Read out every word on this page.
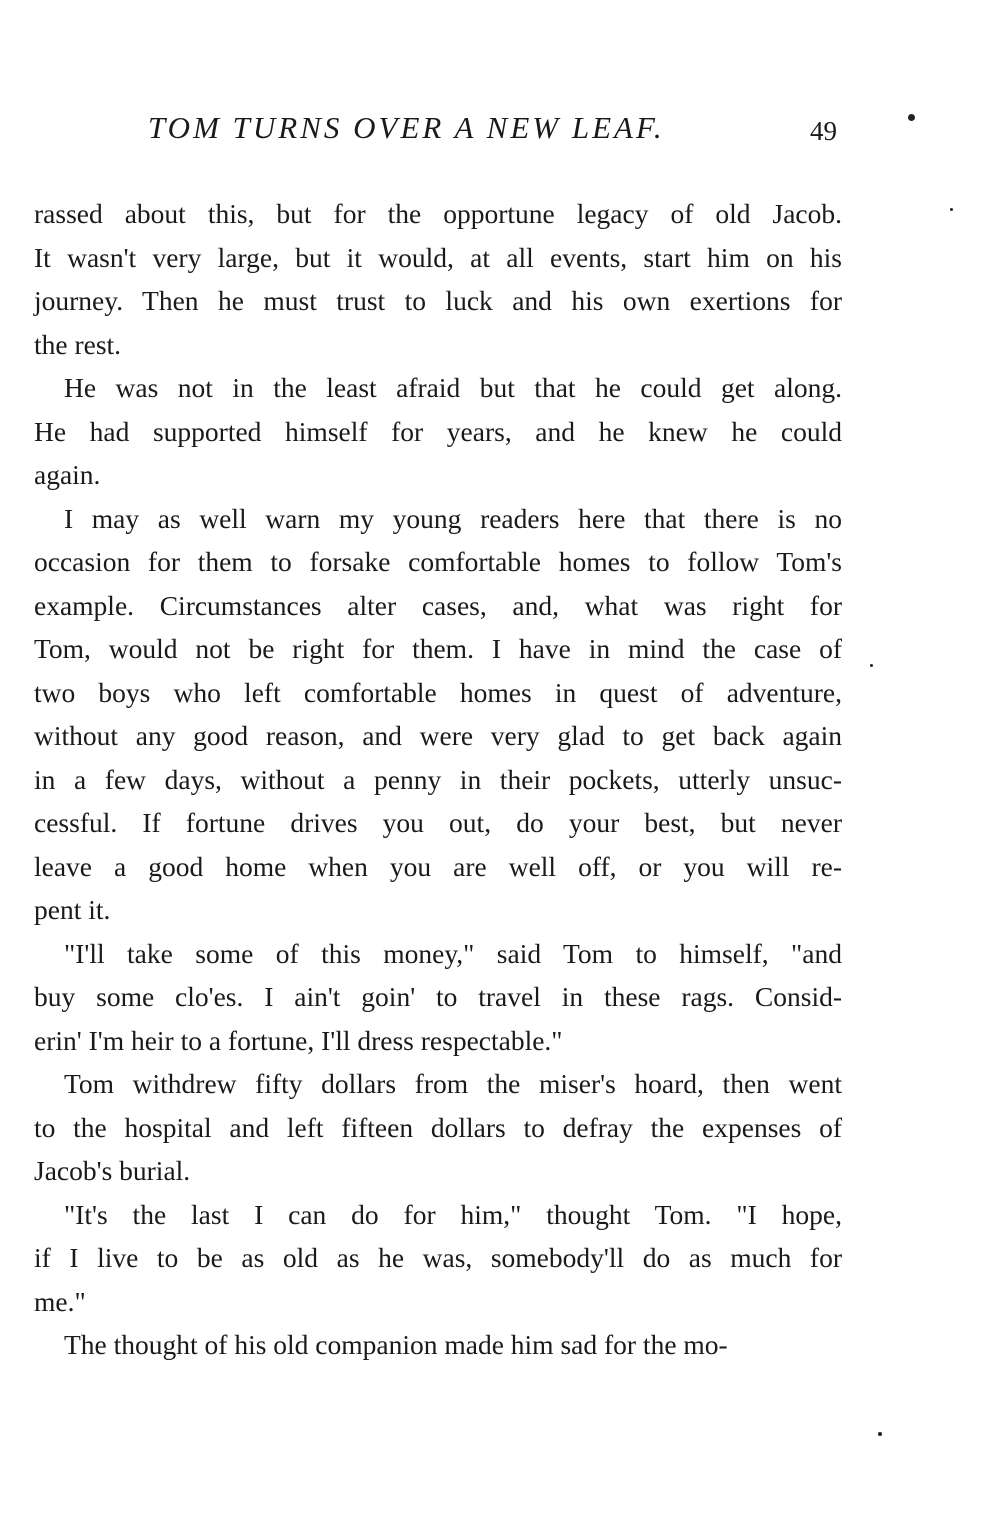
TOM TURNS OVER A NEW LEAF.	49
rassed about this, but for the opportune legacy of old Jacob.
It wasn't very large, but it would, at all events, start him on his
journey. Then he must trust to luck and his own exertions for
the rest.
He was not in the least afraid but that he could get along.
He had supported himself for years, and he knew he could
again.
I may as well warn my young readers here that there is no
occasion for them to forsake comfortable homes to follow Tom's
example. Circumstances alter cases, and, what was right for
Tom, would not be right for them. I have in mind the case of
two boys who left comfortable homes in quest of adventure,
without any good reason, and were very glad to get back again
in a few days, without a penny in their pockets, utterly unsuc-
cessful. If fortune drives you out, do your best, but never
leave a good home when you are well off, or you will re-
pent it.
"I'll take some of this money," said Tom to himself, "and
buy some clo'es. I ain't goin' to travel in these rags. Consid-
erin' I'm heir to a fortune, I'll dress respectable."
Tom withdrew fifty dollars from the miser's hoard, then went
to the hospital and left fifteen dollars to defray the expenses of
Jacob's burial.
"It's the last I can do for him," thought Tom. "I hope,
if I live to be as old as he was, somebody'll do as much for
me."
The thought of his old companion made him sad for the mo-
